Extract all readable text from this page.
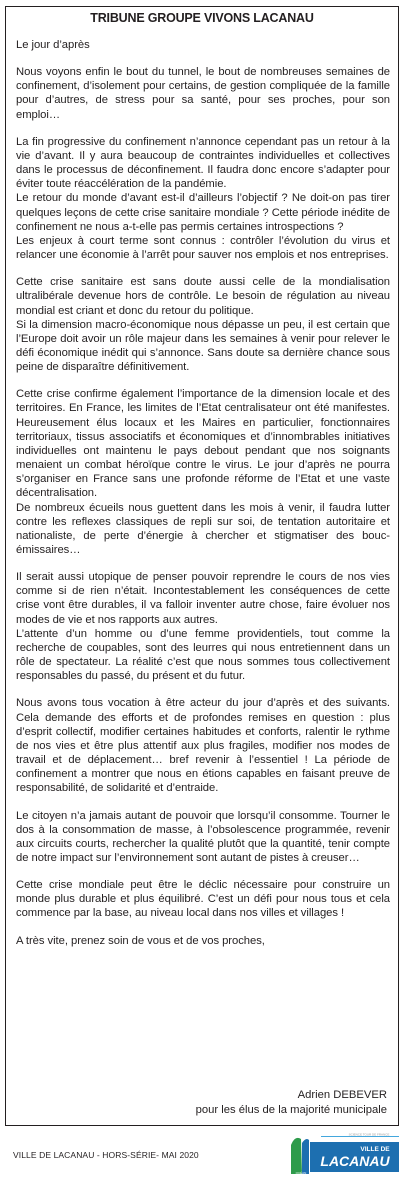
TRIBUNE GROUPE VIVONS LACANAU

Le jour d’après

Nous voyons enfin le bout du tunnel, le bout de nombreuses semaines de confinement, d’isolement pour certains, de gestion compliquée de la famille pour d’autres, de stress pour sa santé, pour ses proches, pour son emploi…

La fin progressive du confinement n’annonce cependant pas un retour à la vie d’avant. Il y aura beaucoup de contraintes individuelles et collectives dans le processus de déconfinement. Il faudra donc encore s’adapter pour éviter toute réaccélération de la pandémie.

Le retour du monde d’avant est-il d’ailleurs l’objectif ? Ne doit-on pas tirer quelques leçons de cette crise sanitaire mondiale ? Cette période inédite de confinement ne nous a-t-elle pas permis certaines introspections ?

Les enjeux à court terme sont connus : contrôler l’évolution du virus et relancer une économie à l’arrêt pour sauver nos emplois et nos entreprises.

Cette crise sanitaire est sans doute aussi celle de la mondialisation ultralibérale devenue hors de contrôle. Le besoin de régulation au niveau mondial est criant et donc du retour du politique.

Si la dimension macro-économique nous dépasse un peu, il est certain que l’Europe doit avoir un rôle majeur dans les semaines à venir pour relever le défi économique inédit qui s’annonce. Sans doute sa dernière chance sous peine de disparaître définitivement.

Cette crise confirme également l’importance de la dimension locale et des territoires. En France, les limites de l’Etat centralisateur ont été manifestes. Heureusement élus locaux et les Maires en particulier, fonctionnaires territoriaux, tissus associatifs et économiques et d’innombrables initiatives individuelles ont maintenu le pays debout pendant que nos soignants menaient un combat héroïque contre le virus. Le jour d’après ne pourra s’organiser en France sans une profonde réforme de l’Etat et une vaste décentralisation.

De nombreux écueils nous guettent dans les mois à venir, il faudra lutter contre les reflexes classiques de repli sur soi, de tentation autoritaire et nationaliste, de perte d’énergie à chercher et stigmatiser des bouc-émissaires…

Il serait aussi utopique de penser pouvoir reprendre le cours de nos vies comme si de rien n’était. Incontestablement les conséquences de cette crise vont être durables, il va falloir inventer autre chose, faire évoluer nos modes de vie et nos rapports aux autres.

L’attente d’un homme ou d’une femme providentiels, tout comme la recherche de coupables, sont des leurres qui nous entretiennent dans un rôle de spectateur. La réalité c’est que nous sommes tous collectivement responsables du passé, du présent et du futur.

Nous avons tous vocation à être acteur du jour d’après et des suivants. Cela demande des efforts et de profondes remises en question : plus d’esprit collectif, modifier certaines habitudes et conforts, ralentir le rythme de nos vies et être plus attentif aux plus fragiles, modifier nos modes de travail et de déplacement… bref revenir à l’essentiel ! La période de confinement a montrer que nous en étions capables en faisant preuve de responsabilité, de solidarité et d’entraide.

Le citoyen n’a jamais autant de pouvoir que lorsqu’il consomme. Tourner le dos à la consommation de masse, à l’obsolescence programmée, revenir aux circuits courts, rechercher la qualité plutôt que la quantité, tenir compte de notre impact sur l’environnement sont autant de pistes à creuser…

Cette crise mondiale peut être le déclic nécessaire pour construire un monde plus durable et plus équilibré. C’est un défi pour nous tous et cela commence par la base, au niveau local dans nos villes et villages !

A très vite, prenez soin de vous et de vos proches,

Adrien DEBEVER
pour les élus de la majorité municipale
VILLE DE LACANAU - HORS-SÉRIE- MAI 2020
SCIENCE TOUR DE FRANCE
VILLE DE
LACANAU
OCÉAN
